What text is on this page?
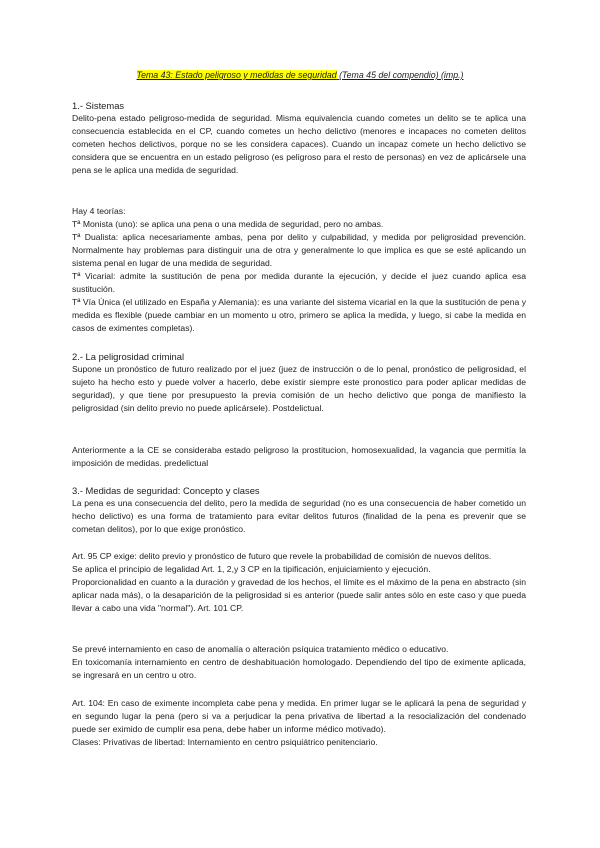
Tema 43: Estado peligroso y medidas de seguridad (Tema 45 del compendio) (imp.)

1.- Sistemas

Delito-pena estado peligroso-medida de seguridad. Misma equivalencia cuando cometes un delito se te aplica una consecuencia establecida en el CP, cuando cometes un hecho delictivo (menores e incapaces no cometen delitos cometen hechos delictivos, porque no se les considera capaces). Cuando un incapaz comete un hecho delictivo se considera que se encuentra en un estado peligroso (es peligroso para el resto de personas) en vez de aplicársele una pena se le aplica una medida de seguridad.

Hay 4 teorías:

Tª Monista (uno): se aplica una pena o una medida de seguridad, pero no ambas.

Tª Dualista: aplica necesariamente ambas, pena por delito y culpabilidad, y medida por peligrosidad prevención. Normalmente hay problemas para distinguir una de otra y generalmente lo que implica es que se esté aplicando un sistema penal en lugar de una medida de seguridad.

Tª Vicarial: admite la sustitución de pena por medida durante la ejecución, y decide el juez cuando aplica esa sustitución.

Tª Vía Única (el utilizado en España y Alemania): es una variante del sistema vicarial en la que la sustitución de pena y medida es flexible (puede cambiar en un momento u otro, primero se aplica la medida, y luego, si cabe la medida en casos de eximentes completas).

2.- La peligrosidad criminal

Supone un pronóstico de futuro realizado por el juez (juez de instrucción o de lo penal, pronóstico de peligrosidad, el sujeto ha hecho esto y puede volver a hacerlo, debe existir siempre este pronostico para poder aplicar medidas de seguridad), y que tiene por presupuesto la previa comisión de un hecho delictivo que ponga de manifiesto la peligrosidad (sin delito previo no puede aplicársele). Postdelictual.

Anteriormente a la CE se consideraba estado peligroso la prostitucion, homosexualidad, la vagancia que permitía la imposición de medidas. predelictual

3.- Medidas de seguridad: Concepto y clases

La pena es una consecuencia del delito, pero la medida de seguridad (no es una consecuencia de haber cometido un hecho delictivo) es una forma de tratamiento para evitar delitos futuros (finalidad de la pena es prevenir que se cometan delitos), por lo que exige pronóstico.

Art. 95 CP exige: delito previo y pronóstico de futuro que revele la probabilidad de comisión de nuevos delitos.

Se aplica el principio de legalidad Art. 1, 2,y 3 CP en la tipificación, enjuiciamiento y ejecución.

Proporcionalidad en cuanto a la duración y gravedad de los hechos, el límite es el máximo de la pena en abstracto (sin aplicar nada más), o la desaparición de la peligrosidad si es anterior (puede salir antes sólo en este caso y que pueda llevar a cabo una vida "normal"). Art. 101 CP.

Se prevé internamiento en caso de anomalía o alteración psíquica tratamiento médico o educativo.

En toxicomanía internamiento en centro de deshabituación homologado. Dependiendo del tipo de eximente aplicada, se ingresará en un centro u otro.

Art. 104: En caso de eximente incompleta cabe pena y medida. En primer lugar se le aplicará la pena de seguridad y en segundo lugar la pena (pero si va a perjudicar la pena privativa de libertad a la resocialización del condenado puede ser eximido de cumplir esa pena, debe haber un informe médico motivado).

Clases: Privativas de libertad: Internamiento en centro psiquiátrico penitenciario.
